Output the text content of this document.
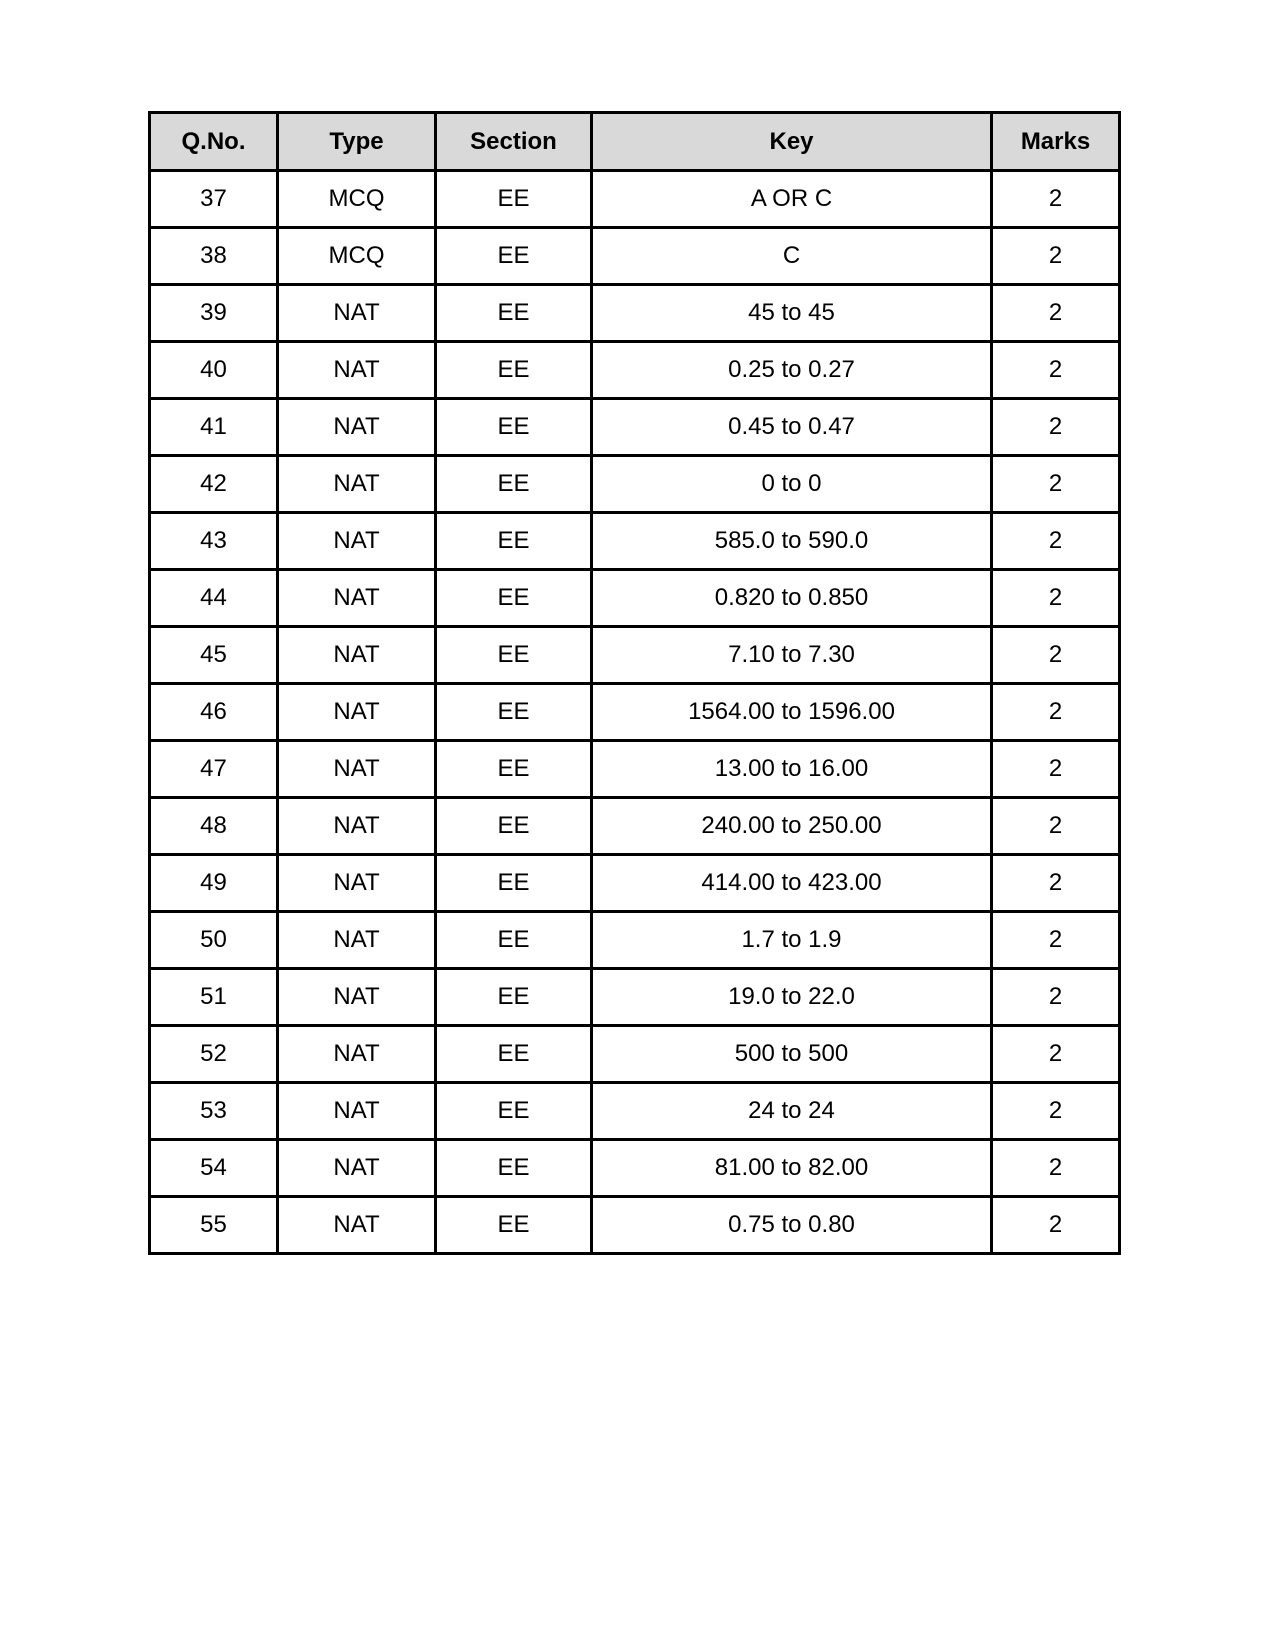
Q.No.	Type	Section	Key	Marks
37	MCQ	EE	A OR C	2
38	MCQ	EE	C	2
39	NAT	EE	45 to 45	2
40	NAT	EE	0.25 to 0.27	2
41	NAT	EE	0.45 to 0.47	2
42	NAT	EE	0 to 0	2
43	NAT	EE	585.0 to 590.0	2
44	NAT	EE	0.820 to 0.850	2
45	NAT	EE	7.10 to 7.30	2
46	NAT	EE	1564.00 to 1596.00	2
47	NAT	EE	13.00 to 16.00	2
48	NAT	EE	240.00 to 250.00	2
49	NAT	EE	414.00 to 423.00	2
50	NAT	EE	1.7 to 1.9	2
51	NAT	EE	19.0 to 22.0	2
52	NAT	EE	500 to 500	2
53	NAT	EE	24 to 24	2
54	NAT	EE	81.00 to 82.00	2
55	NAT	EE	0.75 to 0.80	2
